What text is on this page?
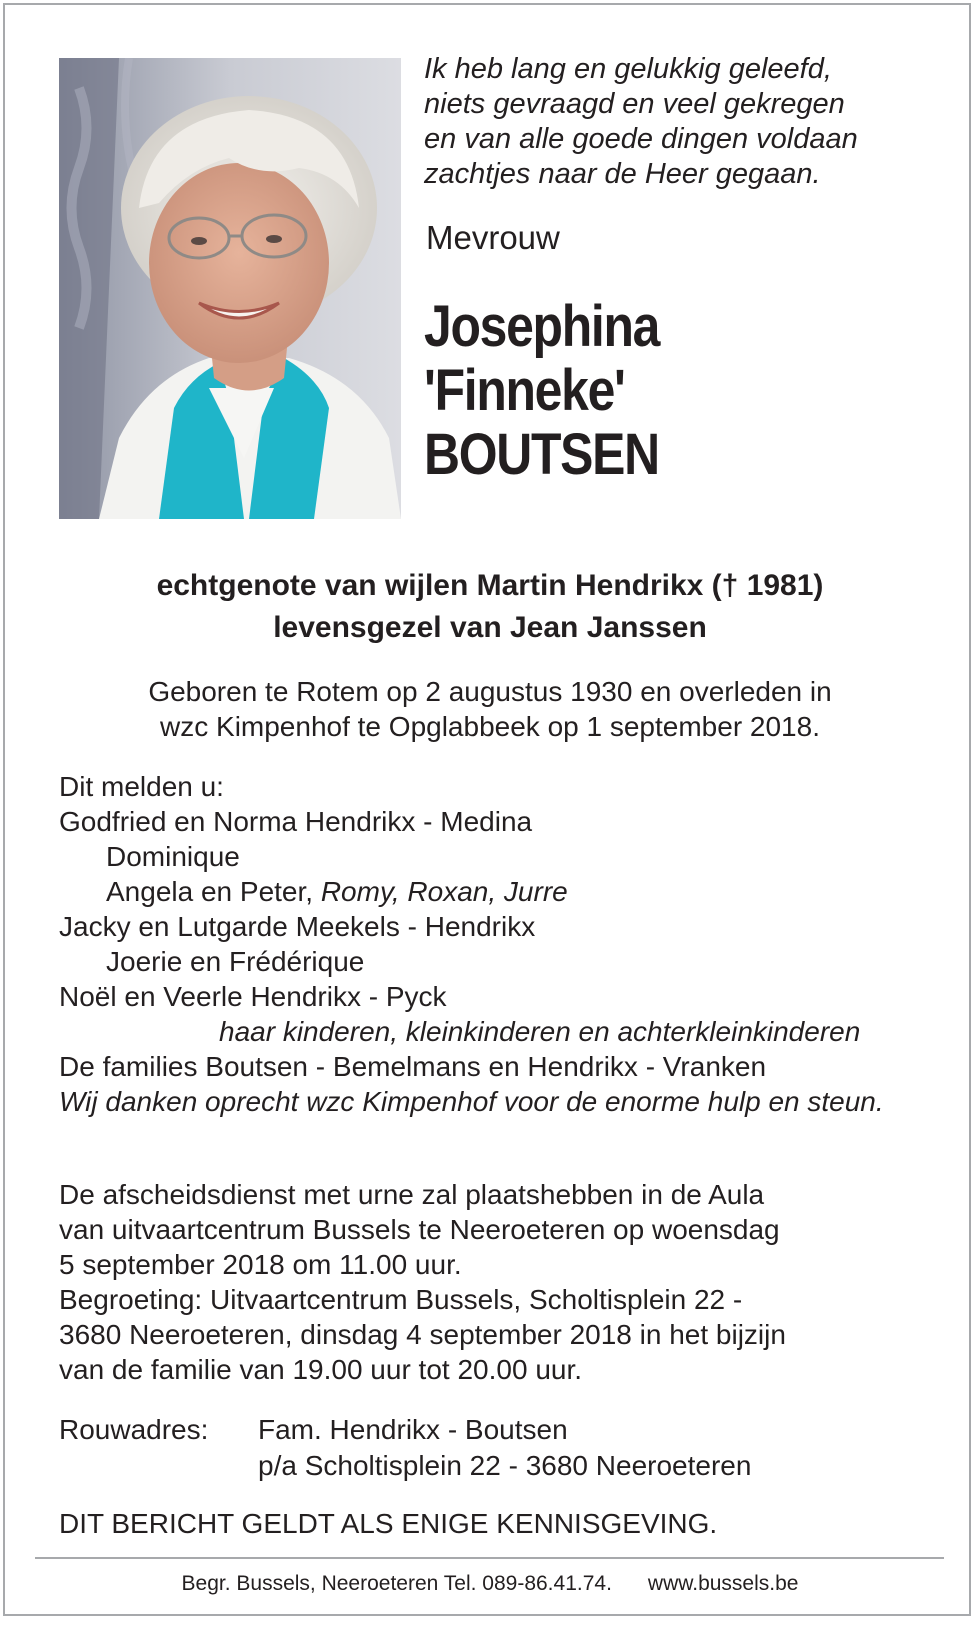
Ik heb lang en gelukkig geleefd,
niets gevraagd en veel gekregen
en van alle goede dingen voldaan
zachtjes naar de Heer gegaan.
Mevrouw
Josephina
'Finneke'
BOUTSEN
echtgenote van wijlen Martin Hendrikx († 1981)
levensgezel van Jean Janssen
Geboren te Rotem op 2 augustus 1930 en overleden in
wzc Kimpenhof te Opglabbeek op 1 september 2018.
Dit melden u:
Godfried en Norma Hendrikx - Medina
Dominique
Angela en Peter, Romy, Roxan, Jurre
Jacky en Lutgarde Meekels - Hendrikx
Joerie en Frédérique
Noël en Veerle Hendrikx - Pyck
haar kinderen, kleinkinderen en achterkleinkinderen
De families Boutsen - Bemelmans en Hendrikx - Vranken
Wij danken oprecht wzc Kimpenhof voor de enorme hulp en steun.
De afscheidsdienst met urne zal plaatshebben in de Aula
van uitvaartcentrum Bussels te Neeroeteren op woensdag
5 september 2018 om 11.00 uur.
Begroeting: Uitvaartcentrum Bussels, Scholtisplein 22 -
3680 Neeroeteren, dinsdag 4 september 2018 in het bijzijn
van de familie van 19.00 uur tot 20.00 uur.
Rouwadres: Fam. Hendrikx - Boutsen
p/a Scholtisplein 22 - 3680 Neeroeteren
DIT BERICHT GELDT ALS ENIGE KENNISGEVING.
Begr. Bussels, Neeroeteren Tel. 089-86.41.74. www.bussels.be
